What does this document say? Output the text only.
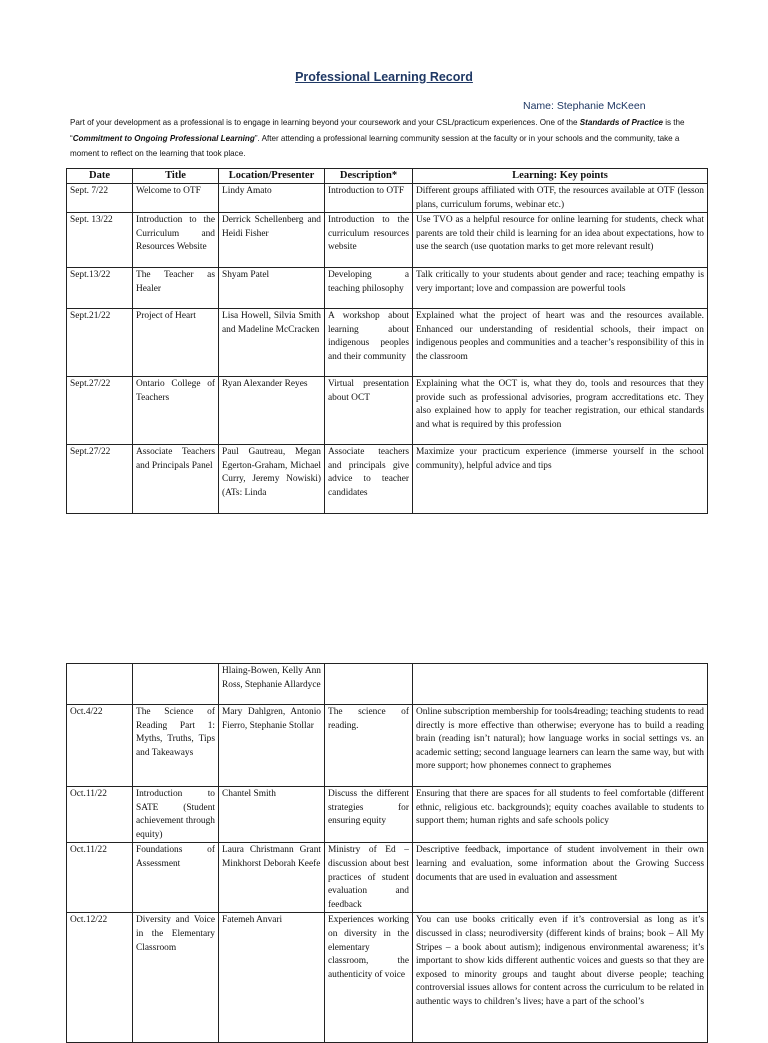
Professional Learning Record
Name: Stephanie McKeen
Part of your development as a professional is to engage in learning beyond your coursework and your CSL/practicum experiences. One of the Standards of Practice is the “Commitment to Ongoing Professional Learning”. After attending a professional learning community session at the faculty or in your schools and the community, take a moment to reflect on the learning that took place.
Date	Title	Location/Presenter	Description*	Learning: Key points
Sept. 7/22	Welcome to OTF	Lindy Amato	Introduction to OTF	Different groups affiliated with OTF, the resources available at OTF (lesson plans, curriculum forums, webinar etc.)
Sept. 13/22	Introduction to the Curriculum and Resources Website	Derrick Schellenberg and Heidi Fisher	Introduction to the curriculum resources website	Use TVO as a helpful resource for online learning for students, check what parents are told their child is learning for an idea about expectations, how to use the search (use quotation marks to get more relevant result)
Sept.13/22	The Teacher as Healer	Shyam Patel	Developing a teaching philosophy	Talk critically to your students about gender and race; teaching empathy is very important; love and compassion are powerful tools
Sept.21/22	Project of Heart	Lisa Howell, Silvia Smith and Madeline McCracken	A workshop about learning about indigenous peoples and their community	Explained what the project of heart was and the resources available. Enhanced our understanding of residential schools, their impact on indigenous peoples and communities and a teacher’s responsibility of this in the classroom
Sept.27/22	Ontario College of Teachers	Ryan Alexander Reyes	Virtual presentation about OCT	Explaining what the OCT is, what they do, tools and resources that they provide such as professional advisories, program accreditations etc. They also explained how to apply for teacher registration, our ethical standards and what is required by this profession
Sept.27/22	Associate Teachers and Principals Panel	Paul Gautreau, Megan Egerton-Graham, Michael Curry, Jeremy Nowiski) (ATs: Linda	Associate teachers and principals give advice to teacher candidates	Maximize your practicum experience (immerse yourself in the school community), helpful advice and tips
		Hlaing-Bowen, Kelly Ann Ross, Stephanie Allardyce		
Oct.4/22	The Science of Reading Part 1: Myths, Truths, Tips and Takeaways	Mary Dahlgren, Antonio Fierro, Stephanie Stollar	The science of reading.	Online subscription membership for tools4reading; teaching students to read directly is more effective than otherwise; everyone has to build a reading brain (reading isn’t natural); how language works in social settings vs. an academic setting; second language learners can learn the same way, but with more support; how phonemes connect to graphemes
Oct.11/22	Introduction to SATE (Student achievement through equity)	Chantel Smith	Discuss the different strategies for ensuring equity	Ensuring that there are spaces for all students to feel comfortable (different ethnic, religious etc. backgrounds); equity coaches available to students to support them; human rights and safe schools policy
Oct.11/22	Foundations of Assessment	Laura Christmann Grant Minkhorst Deborah Keefe	Ministry of Ed – discussion about best practices of student evaluation and feedback	Descriptive feedback, importance of student involvement in their own learning and evaluation, some information about the Growing Success documents that are used in evaluation and assessment
Oct.12/22	Diversity and Voice in the Elementary Classroom	Fatemeh Anvari	Experiences working on diversity in the elementary classroom, the authenticity of voice	You can use books critically even if it’s controversial as long as it’s discussed in class; neurodiversity (different kinds of brains; book – All My Stripes – a book about autism); indigenous environmental awareness; it’s important to show kids different authentic voices and guests so that they are exposed to minority groups and taught about diverse people; teaching controversial issues allows for content across the curriculum to be related in authentic ways to children’s lives; have a part of the school’s
